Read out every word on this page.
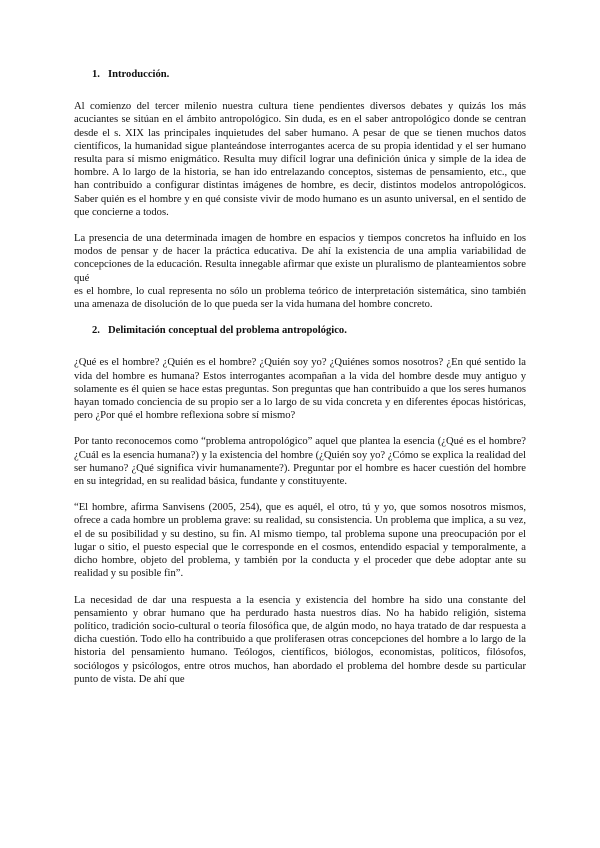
1. Introducción.

Al comienzo del tercer milenio nuestra cultura tiene pendientes diversos debates y quizás los más acuciantes se sitúan en el ámbito antropológico. Sin duda, es en el saber antropológico donde se centran desde el s. XIX las principales inquietudes del saber humano. A pesar de que se tienen muchos datos científicos, la humanidad sigue planteándose interrogantes acerca de su propia identidad y el ser humano resulta para sí mismo enigmático. Resulta muy difícil lograr una definición única y simple de la idea de hombre. A lo largo de la historia, se han ido entrelazando conceptos, sistemas de pensamiento, etc., que han contribuido a configurar distintas imágenes de hombre, es decir, distintos modelos antropológicos. Saber quién es el hombre y en qué consiste vivir de modo humano es un asunto universal, en el sentido de que concierne a todos.

La presencia de una determinada imagen de hombre en espacios y tiempos concretos ha influido en los modos de pensar y de hacer la práctica educativa. De ahí la existencia de una amplia variabilidad de concepciones de la educación. Resulta innegable afirmar que existe un pluralismo de planteamientos sobre qué

es el hombre, lo cual representa no sólo un problema teórico de interpretación sistemática, sino también una amenaza de disolución de lo que pueda ser la vida humana del hombre concreto.

2. Delimitación conceptual del problema antropológico.

¿Qué es el hombre? ¿Quién es el hombre? ¿Quién soy yo? ¿Quiénes somos nosotros? ¿En qué sentido la vida del hombre es humana? Estos interrogantes acompañan a la vida del hombre desde muy antiguo y solamente es él quien se hace estas preguntas. Son preguntas que han contribuido a que los seres humanos hayan tomado conciencia de su propio ser a lo largo de su vida concreta y en diferentes épocas históricas, pero ¿Por qué el hombre reflexiona sobre sí mismo?

Por tanto reconocemos como “problema antropológico” aquel que plantea la esencia (¿Qué es el hombre? ¿Cuál es la esencia humana?) y la existencia del hombre (¿Quién soy yo? ¿Cómo se explica la realidad del ser humano? ¿Qué significa vivir humanamente?). Preguntar por el hombre es hacer cuestión del hombre en su integridad, en su realidad básica, fundante y constituyente.

“El hombre, afirma Sanvisens (2005, 254), que es aquél, el otro, tú y yo, que somos nosotros mismos, ofrece a cada hombre un problema grave: su realidad, su consistencia. Un problema que implica, a su vez, el de su posibilidad y su destino, su fin. Al mismo tiempo, tal problema supone una preocupación por el lugar o sitio, el puesto especial que le corresponde en el cosmos, entendido espacial y temporalmente, a dicho hombre, objeto del problema, y también por la conducta y el proceder que debe adoptar ante su realidad y su posible fin”.

La necesidad de dar una respuesta a la esencia y existencia del hombre ha sido una constante del pensamiento y obrar humano que ha perdurado hasta nuestros días. No ha habido religión, sistema político, tradición socio-cultural o teoría filosófica que, de algún modo, no haya tratado de dar respuesta a dicha cuestión. Todo ello ha contribuido a que proliferasen otras concepciones del hombre a lo largo de la historia del pensamiento humano. Teólogos, científicos, biólogos, economistas, políticos, filósofos, sociólogos y psicólogos, entre otros muchos, han abordado el problema del hombre desde su particular punto de vista. De ahí que
